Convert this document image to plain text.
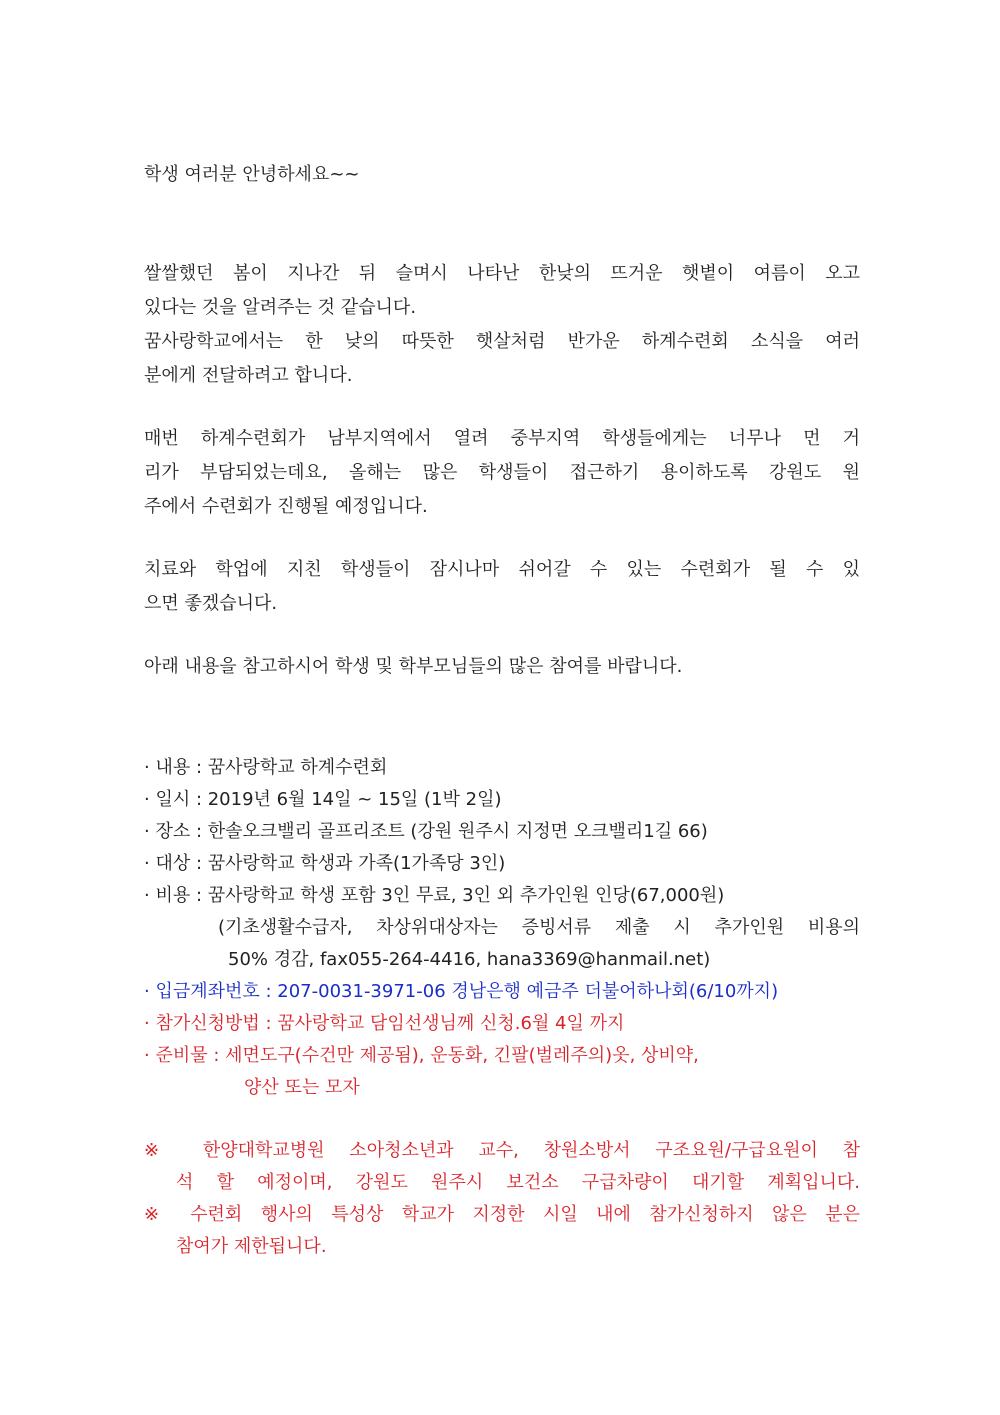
학생 여러분 안녕하세요~~
쌀쌀했던 봄이 지나간 뒤 슬며시 나타난 한낮의 뜨거운 햇볕이 여름이 오고
있다는 것을 알려주는 것 같습니다.
꿈사랑학교에서는 한 낮의 따뜻한 햇살처럼 반가운 하계수련회 소식을 여러
분에게 전달하려고 합니다.
매번 하계수련회가 남부지역에서 열려 중부지역 학생들에게는 너무나 먼 거
리가 부담되었는데요, 올해는 많은 학생들이 접근하기 용이하도록 강원도 원
주에서 수련회가 진행될 예정입니다.
치료와 학업에 지친 학생들이 잠시나마 쉬어갈 수 있는 수련회가 될 수 있
으면 좋겠습니다.
아래 내용을 참고하시어 학생 및 학부모님들의 많은 참여를 바랍니다.
· 내용 : 꿈사랑학교 하계수련회
· 일시 : 2019년 6월 14일 ~ 15일 (1박 2일)
· 장소 : 한솔오크밸리 골프리조트 (강원 원주시 지정면 오크밸리1길 66)
· 대상 : 꿈사랑학교 학생과 가족(1가족당 3인)
· 비용 : 꿈사랑학교 학생 포함 3인 무료, 3인 외 추가인원 인당(67,000원)
(기초생활수급자, 차상위대상자는 증빙서류 제출 시 추가인원 비용의
50% 경감, fax055-264-4416, hana3369@hanmail.net)
· 입금계좌번호 : 207-0031-3971-06 경남은행 예금주 더불어하나회(6/10까지)
· 참가신청방법 : 꿈사랑학교 담임선생님께 신청.6월 4일 까지
· 준비물 : 세면도구(수건만 제공됨), 운동화, 긴팔(벌레주의)옷, 상비약,
양산 또는 모자
※ 한양대학교병원 소아청소년과 교수, 창원소방서 구조요원/구급요원이 참
석 할 예정이며, 강원도 원주시 보건소 구급차량이 대기할 계획입니다.
※ 수련회 행사의 특성상 학교가 지정한 시일 내에 참가신청하지 않은 분은
참여가 제한됩니다.
